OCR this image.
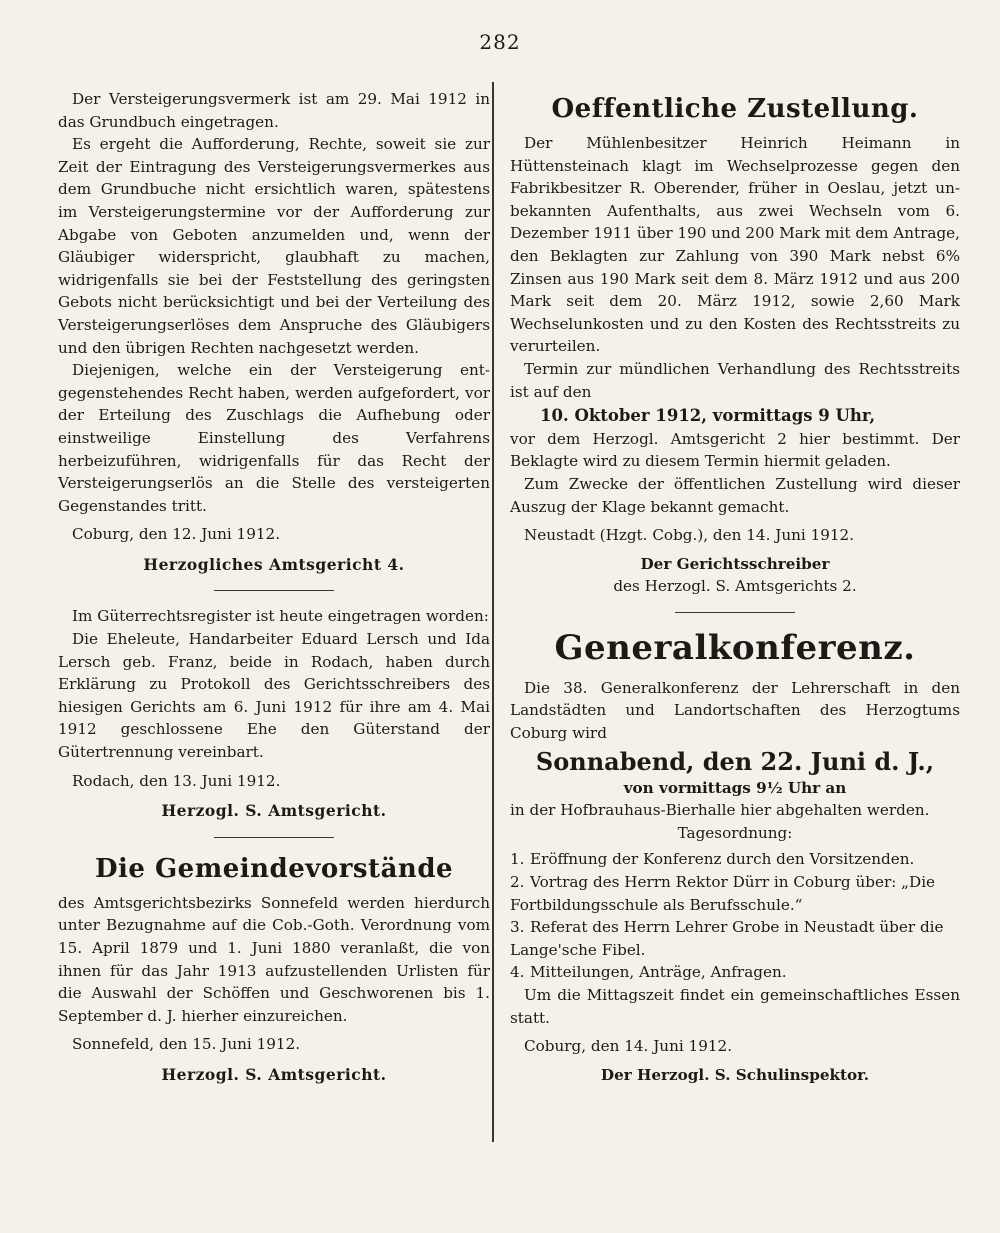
282

Der Versteigerungsvermerk ist am 29. Mai 1912 in das Grundbuch eingetragen.

Es ergeht die Aufforderung, Rechte, soweit sie zur Zeit der Eintragung des Versteigerungsvermerkes aus dem Grundbuche nicht ersichtlich waren, spätestens im Versteigerungstermine vor der Aufforderung zur Abgabe von Geboten anzumelden und, wenn der Gläubiger widerspricht, glaubhaft zu machen, widrigenfalls sie bei der Feststellung des geringsten Gebots nicht berücksichtigt und bei der Verteilung des Versteigerungserlöses dem Anspruche des Gläubigers und den übrigen Rechten nachgesetzt werden.

Diejenigen, welche ein der Versteigerung entgegenstehendes Recht haben, werden aufgefordert, vor der Erteilung des Zuschlags die Aufhebung oder einstweilige Einstellung des Verfahrens herbeizuführen, widrigenfalls für das Recht der Versteigerungserlös an die Stelle des versteigerten Gegenstandes tritt.

Coburg, den 12. Juni 1912.

Herzogliches Amtsgericht 4.

Im Güterrechtsregister ist heute eingetragen worden:

Die Eheleute, Handarbeiter Eduard Lersch und Ida Lersch geb. Franz, beide in Rodach, haben durch Erklärung zu Protokoll des Gerichtsschreibers des hiesigen Gerichts am 6. Juni 1912 für ihre am 4. Mai 1912 geschlossene Ehe den Güterstand der Gütertrennung vereinbart.

Rodach, den 13. Juni 1912.

Herzogl. S. Amtsgericht.
Die Gemeindevorstände

des Amtsgerichtsbezirks Sonnefeld werden hierdurch unter Bezugnahme auf die Cob.-Goth. Verordnung vom 15. April 1879 und 1. Juni 1880 veranlaßt, die von ihnen für das Jahr 1913 aufzustellenden Urlisten für die Auswahl der Schöffen und Geschworenen bis 1. September d. J. hierher einzureichen.

Sonnefeld, den 15. Juni 1912.

Herzogl. S. Amtsgericht.
Oeffentliche Zustellung.

Der Mühlenbesitzer Heinrich Heimann in Hüttensteinach klagt im Wechselprozesse gegen den Fabrikbesitzer R. Oberender, früher in Oeslau, jetzt unbekannten Aufenthalts, aus zwei Wechseln vom 6. Dezember 1911 über 190 und 200 Mark mit dem Antrage, den Beklagten zur Zahlung von 390 Mark nebst 6% Zinsen aus 190 Mark seit dem 8. März 1912 und aus 200 Mark seit dem 20. März 1912, sowie 2,60 Mark Wechselunkosten und zu den Kosten des Rechtsstreits zu verurteilen.

Termin zur mündlichen Verhandlung des Rechtsstreits ist auf den

10. Oktober 1912, vormittags 9 Uhr,

vor dem Herzogl. Amtsgericht 2 hier bestimmt. Der Beklagte wird zu diesem Termin hiermit geladen.

Zum Zwecke der öffentlichen Zustellung wird dieser Auszug der Klage bekannt gemacht.

Neustadt (Hzgt. Cobg.), den 14. Juni 1912.

Der Gerichtsschreiber
des Herzogl. S. Amtsgerichts 2.
Generalkonferenz.

Die 38. Generalkonferenz der Lehrerschaft in den Landstädten und Landortschaften des Herzogtums Coburg wird

Sonnabend, den 22. Juni d. J.,
von vormittags 9½ Uhr an

in der Hofbrauhaus-Bierhalle hier abgehalten werden.

Tagesordnung:
1. Eröffnung der Konferenz durch den Vorsitzenden.
2. Vortrag des Herrn Rektor Dürr in Coburg über: „Die Fortbildungsschule als Berufsschule.“
3. Referat des Herrn Lehrer Grobe in Neustadt über die Lange'sche Fibel.
4. Mitteilungen, Anträge, Anfragen.

Um die Mittagszeit findet ein gemeinschaftliches Essen statt.

Coburg, den 14. Juni 1912.

Der Herzogl. S. Schulinspektor.
